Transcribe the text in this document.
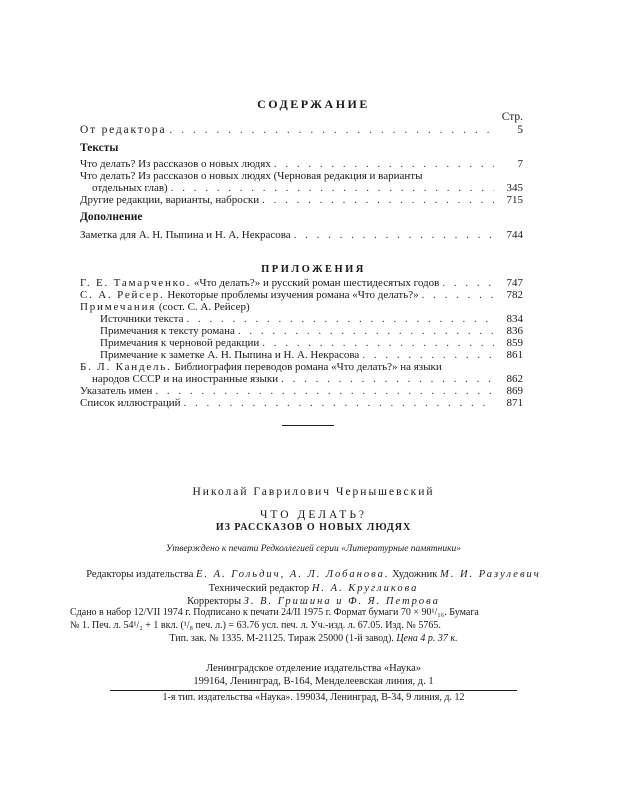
СОДЕРЖАНИЕ
Стр.
От редактора . . .	5
Тексты
Что делать? Из рассказов о новых людях . . .	7
Что делать? Из рассказов о новых людях (Черновая редакция и варианты
отдельных глав) . . .	345
Другие редакции, варианты, наброски . . .	715
Дополнение
Заметка для А. Н. Пыпина и Н. А. Некрасова . . .	744
ПРИЛОЖЕНИЯ
Г. Е. Тамарченко. «Что делать?» и русский роман шестидесятых годов . . .	747
С. А. Рейсер. Некоторые проблемы изучения романа «Что делать?» . . .	782
Примечания (сост. С. А. Рейсер)
Источники текста . . .	834
Примечания к тексту романа . . .	836
Примечания к черновой редакции . . .	859
Примечание к заметке А. Н. Пыпина и Н. А. Некрасова . . .	861
Б. Л. Кандель. Библиография переводов романа «Что делать?» на языки
народов СССР и на иностранные языки . . .	862
Указатель имен . . .	869
Список иллюстраций . . .	871
Николай Гаврилович Чернышевский
ЧТО ДЕЛАТЬ?
ИЗ РАССКАЗОВ О НОВЫХ ЛЮДЯХ
Утверждено к печати Редколлегией серии «Литературные памятники»
Редакторы издательства Е. А. Гольдич, А. Л. Лобанова. Художник М. И. Разулевич
Технический редактор Н. А. Кругликова
Корректоры З. В. Гришина и Ф. Я. Петрова
Сдано в набор 12/VII 1974 г. Подписано к печати 24/II 1975 г. Формат бумаги 70 × 90¹/₁₆. Бумага
№ 1. Печ. л. 54¹/₂ + 1 вкл. (¹/₈ печ. л.) = 63.76 усл. печ. л. Уч.-изд. л. 67.05. Изд. № 5765.
Тип. зак. № 1335. М-21125. Тираж 25000 (1-й завод). Цена 4 р. 37 к.
Ленинградское отделение издательства «Наука»
199164, Ленинград, В-164, Менделеевская линия, д. 1
1-я тип. издательства «Наука». 199034, Ленинград, В-34, 9 линия, д. 12
